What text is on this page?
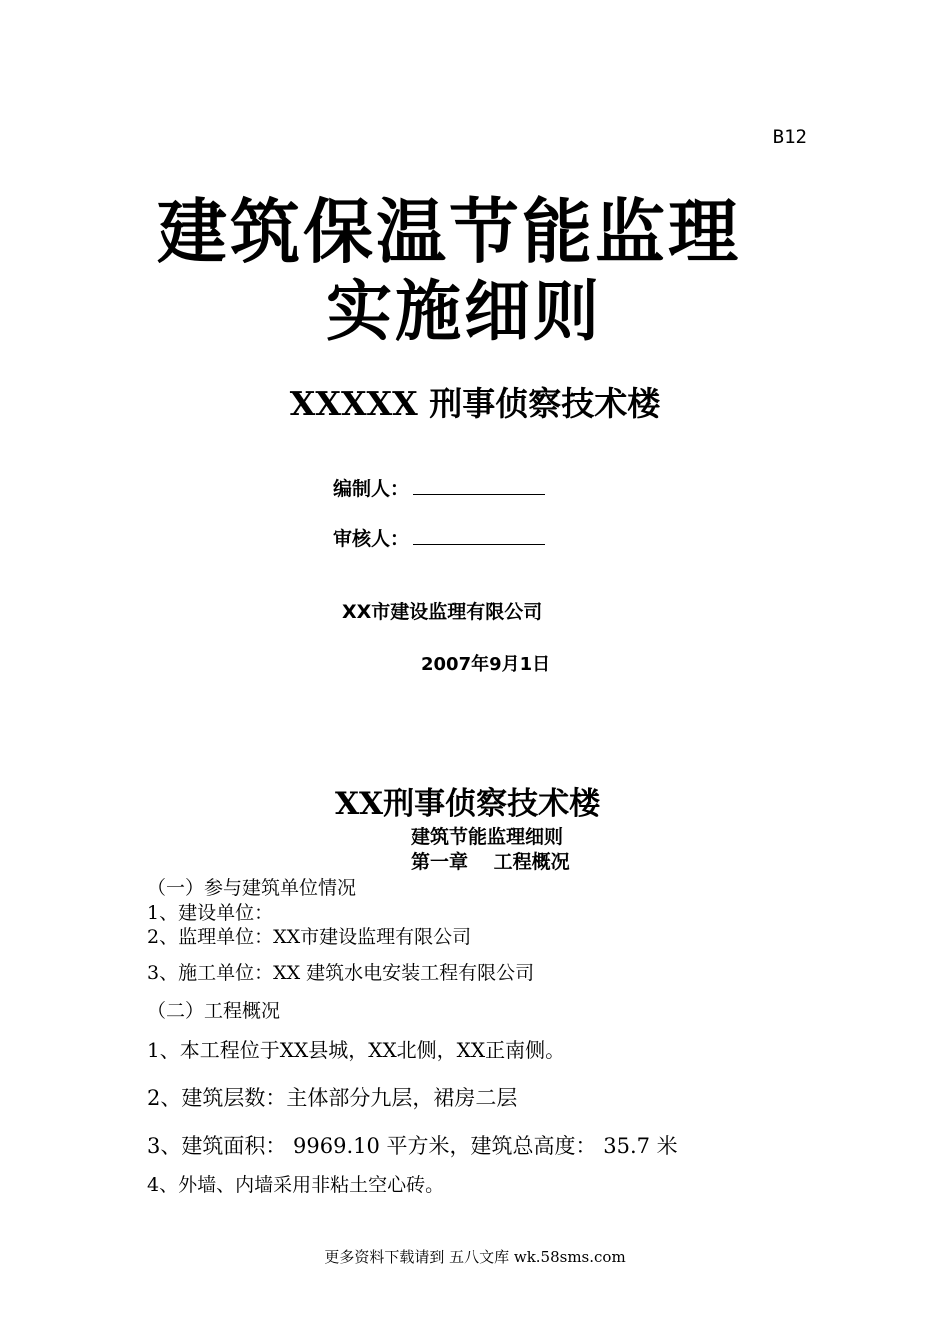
B12
建筑保温节能监理
实施细则
XXXXX 刑事侦察技术楼
编制人：
审核人：
XX市建设监理有限公司
2007年9月1日
XX刑事侦察技术楼
建筑节能监理细则
第一章　 工程概况
（一）参与建筑单位情况
1、建设单位：
2、监理单位：XX市建设监理有限公司
3、施工单位：XX 建筑水电安装工程有限公司
（二）工程概况
1、本工程位于XX县城，XX北侧，XX正南侧。
2、建筑层数：主体部分九层，裙房二层
3、建筑面积： 9969.10 平方米，建筑总高度： 35.7 米
4、外墙、内墙采用非粘土空心砖。
更多资料下载请到 五八文库 wk.58sms.com
